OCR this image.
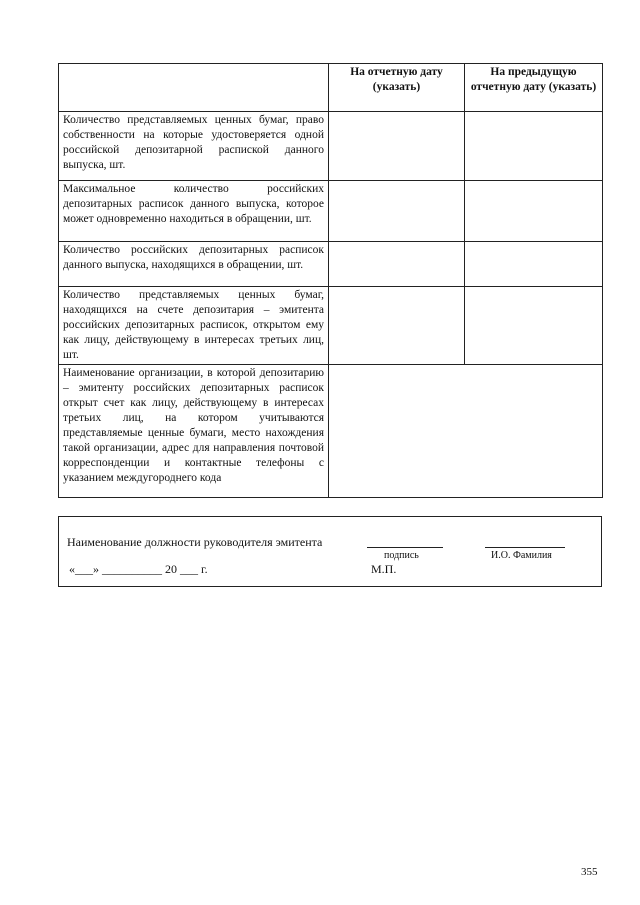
	На отчетную дату (указать)	На предыдущую отчетную дату (указать)
Количество представляемых ценных бумаг, право собственности на которые удостоверяется одной российской депозитарной распиской данного выпуска, шт.		
Максимальное количество российских депозитарных расписок данного выпуска, которое может одновременно находиться в обращении, шт.		
Количество российских депозитарных расписок данного выпуска, находящихся в обращении, шт.		
Количество представляемых ценных бумаг, находящихся на счете депозитария – эмитента российских депозитарных расписок, открытом ему как лицу, действующему в интересах третьих лиц, шт.		
Наименование организации, в которой депозитарию – эмитенту российских депозитарных расписок открыт счет как лицу, действующему в интересах третьих лиц, на котором учитываются представляемые ценные бумаги, место нахождения такой организации, адрес для направления почтовой корреспонденции и контактные телефоны с указанием междугороднего кода		
Наименование должности руководителя эмитента
подпись	И.О. Фамилия
«___» __________ 20 ___ г.	М.П.
355
